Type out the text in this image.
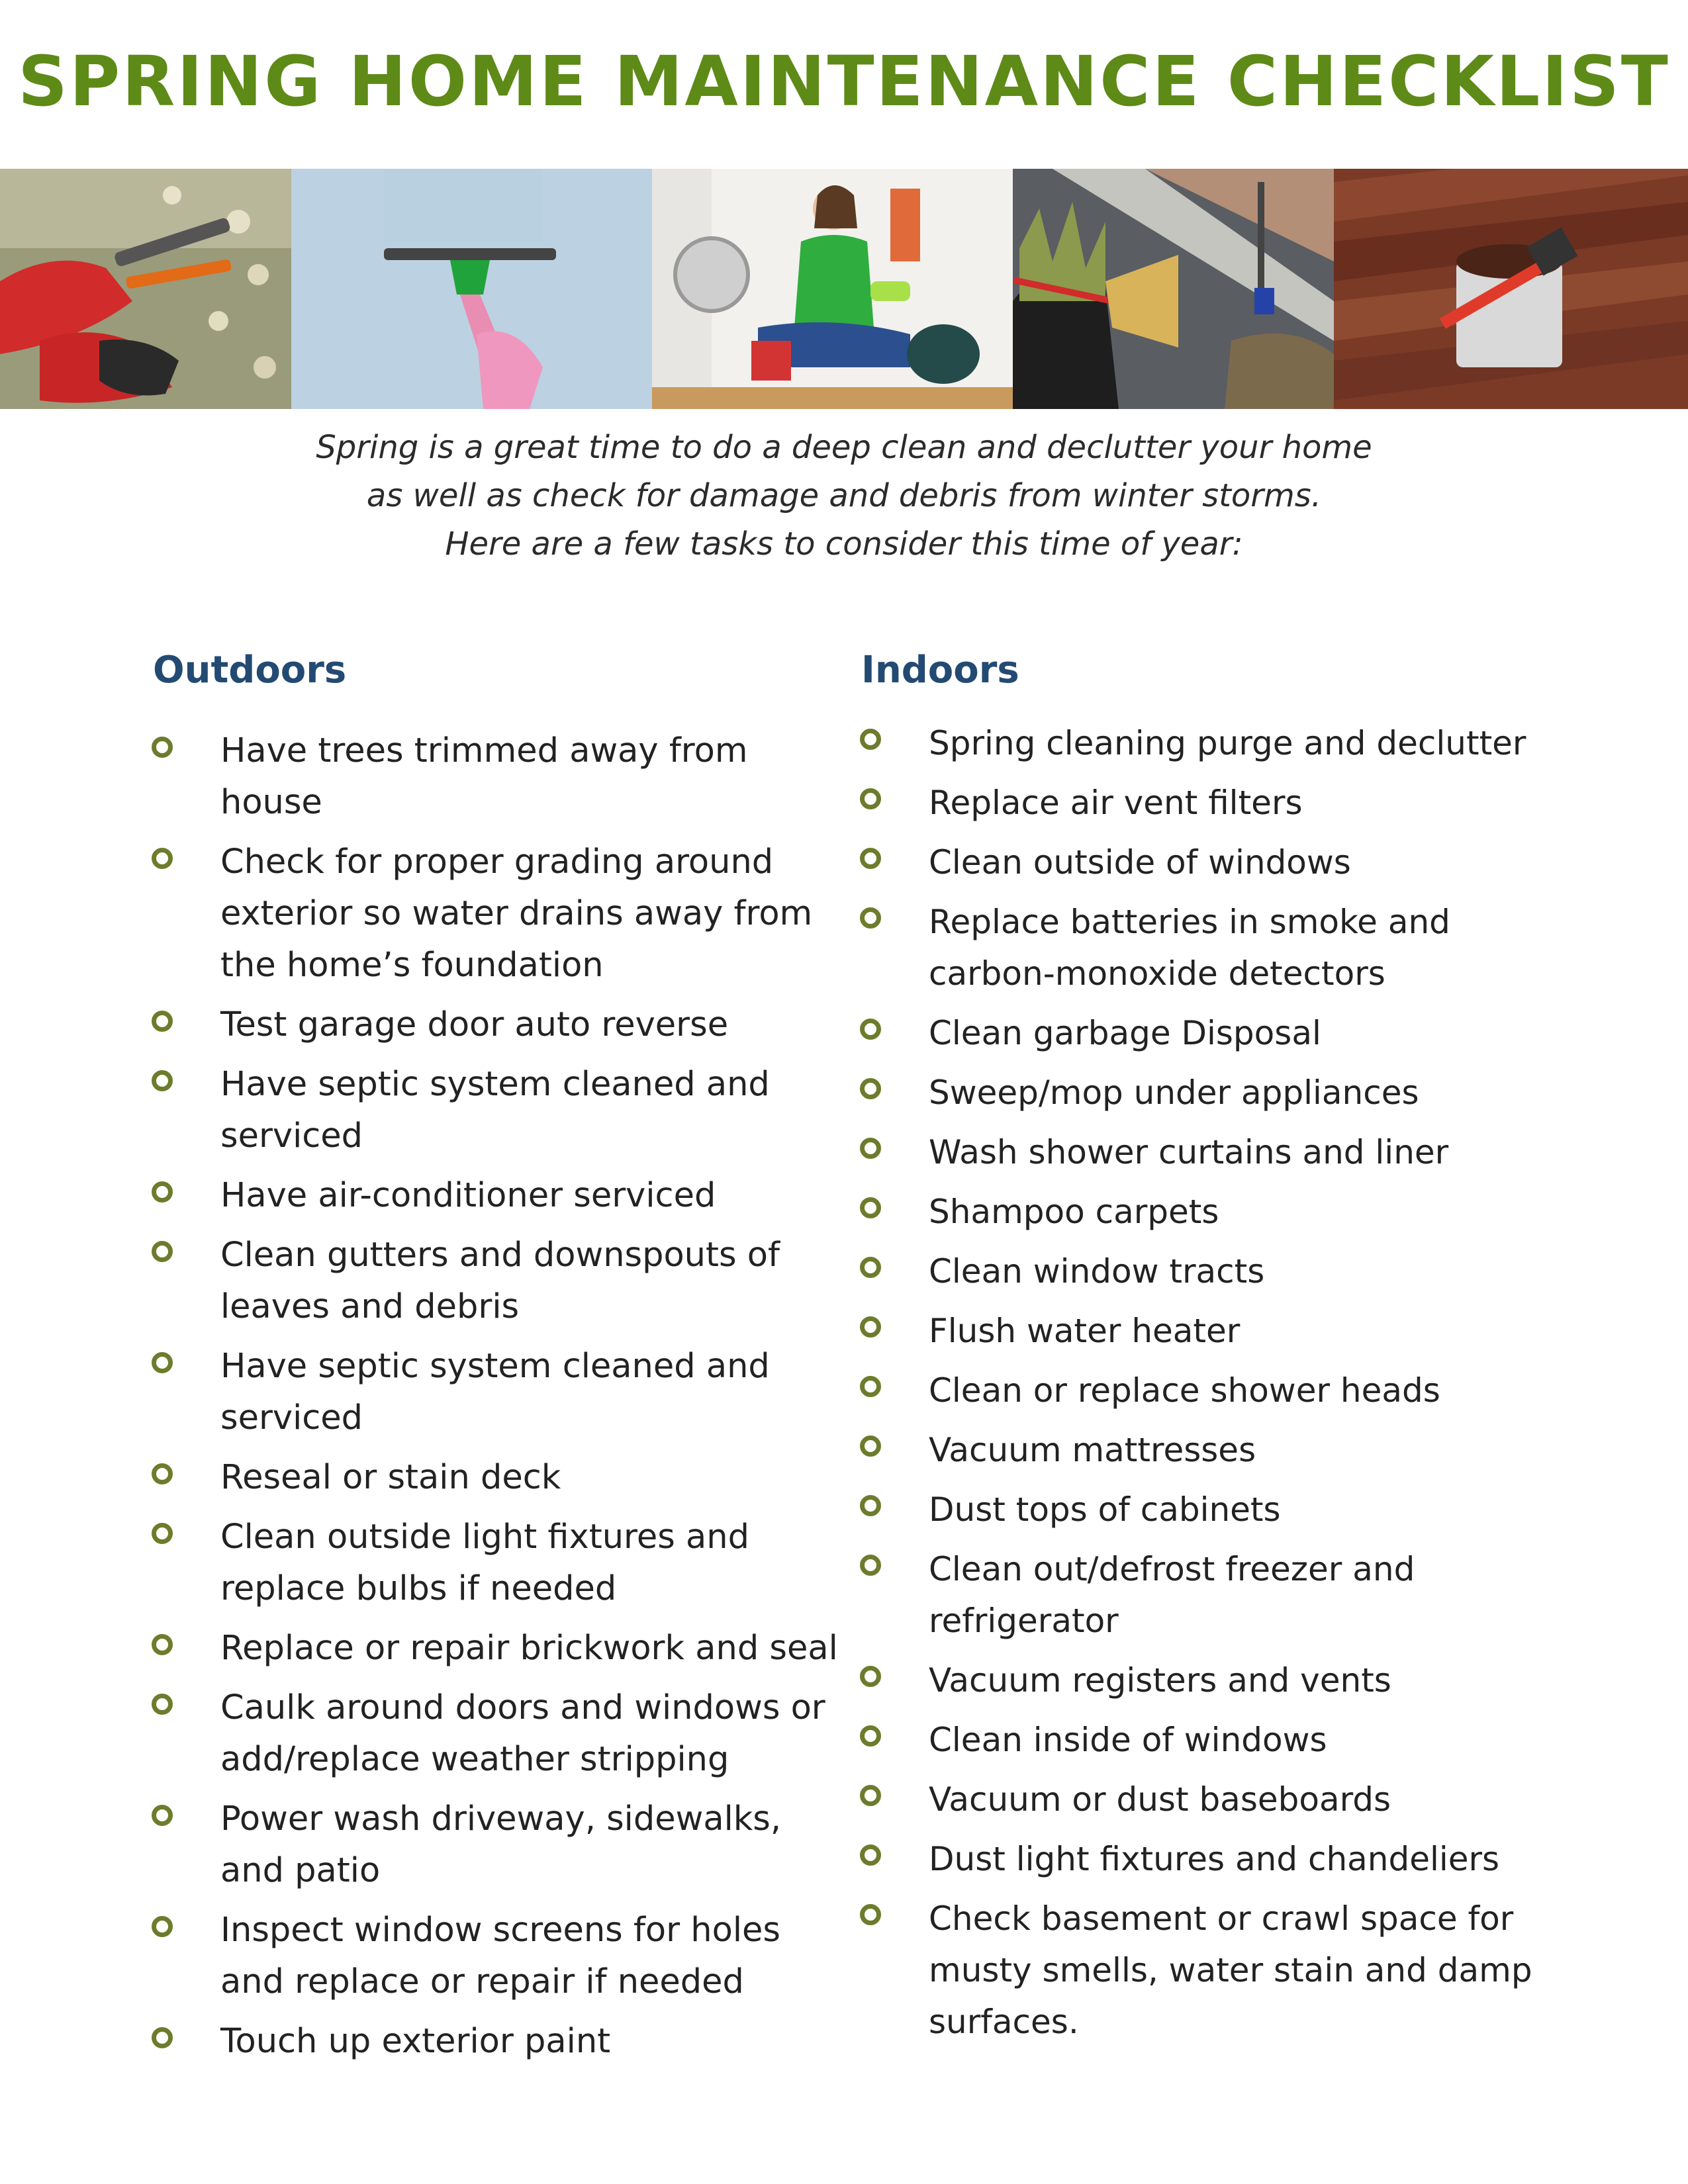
SPRING HOME MAINTENANCE CHECKLIST
Spring is a great time to do a deep clean and declutter your home
as well as check for damage and debris from winter storms.
Here are a few tasks to consider this time of year:
Outdoors
Have trees trimmed away from house
Check for proper grading around exterior so water drains away from the home’s foundation
Test garage door auto reverse
Have septic system cleaned and serviced
Have air-conditioner serviced
Clean gutters and downspouts of leaves and debris
Have septic system cleaned and serviced
Reseal or stain deck
Clean outside light fixtures and replace bulbs if needed
Replace or repair brickwork and seal
Caulk around doors and windows or add/replace weather stripping
Power wash driveway, sidewalks, and patio
Inspect window screens for holes and replace or repair if needed
Touch up exterior paint
Indoors
Spring cleaning purge and declutter
Replace air vent filters
Clean outside of windows
Replace batteries in smoke and carbon-monoxide detectors
Clean garbage Disposal
Sweep/mop under appliances
Wash shower curtains and liner
Shampoo carpets
Clean window tracts
Flush water heater
Clean or replace shower heads
Vacuum mattresses
Dust tops of cabinets
Clean out/defrost freezer and refrigerator
Vacuum registers and vents
Clean inside of windows
Vacuum or dust baseboards
Dust light fixtures and chandeliers
Check basement or crawl space for musty smells, water stain and damp surfaces.
